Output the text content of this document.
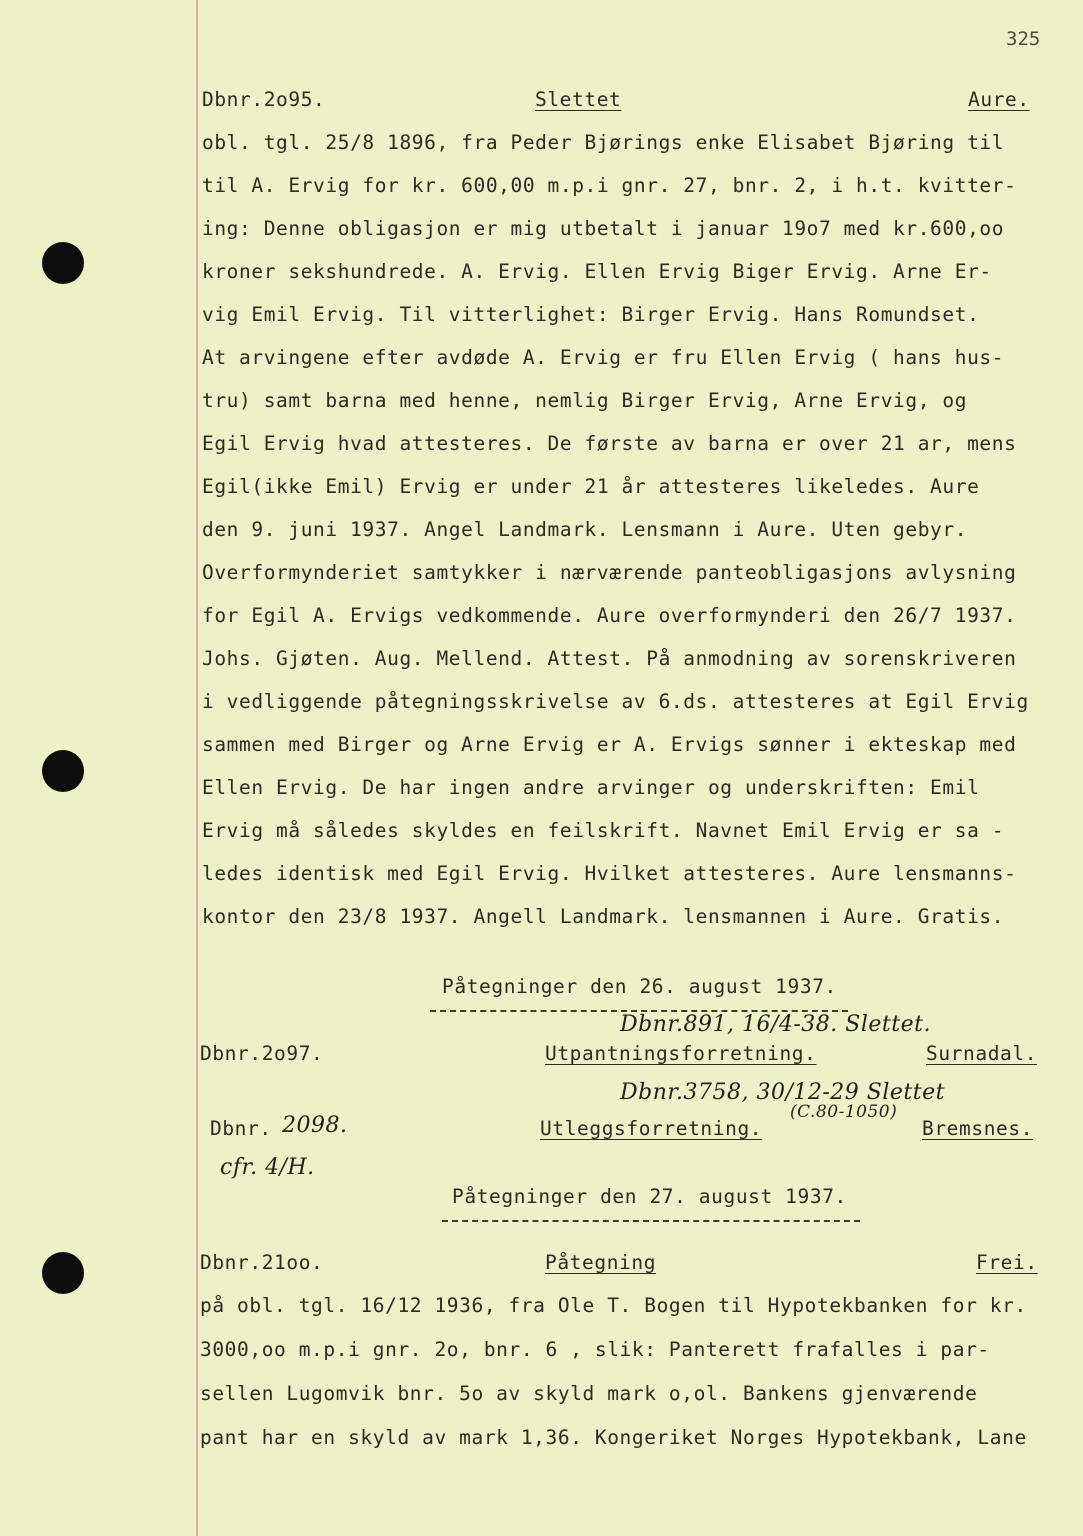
325
Dbnr.2o95.	Slettet	Aure.
obl. tgl. 25/8 1896, fra Peder Bjørings enke Elisabet Bjøring til
til A. Ervig for kr. 600,00 m.p.i gnr. 27, bnr. 2, i h.t. kvitter-
ing: Denne obligasjon er mig utbetalt i januar 19o7 med kr.600,oo
kroner sekshundrede. A. Ervig. Ellen Ervig Biger Ervig. Arne Er-
vig Emil Ervig. Til vitterlighet: Birger Ervig. Hans Romundset.
At arvingene efter avdøde A. Ervig er fru Ellen Ervig ( hans hus-
tru) samt barna med henne, nemlig Birger Ervig, Arne Ervig, og
Egil Ervig hvad attesteres. De første av barna er over 21 ar, mens
Egil(ikke Emil) Ervig er under 21 år attesteres likeledes. Aure
den 9. juni 1937. Angel Landmark. Lensmann i Aure. Uten gebyr.
Overformynderiet samtykker i nærværende panteobligasjons avlysning
for Egil A. Ervigs vedkommende. Aure overformynderi den 26/7 1937.
Johs. Gjøten. Aug. Mellend. Attest. På anmodning av sorenskriveren
i vedliggende påtegningsskrivelse av 6.ds. attesteres at Egil Ervig
sammen med Birger og Arne Ervig er A. Ervigs sønner i ekteskap med
Ellen Ervig. De har ingen andre arvinger og underskriften: Emil
Ervig må således skyldes en feilskrift. Navnet Emil Ervig er sa -
ledes identisk med Egil Ervig. Hvilket attesteres. Aure lensmanns-
kontor den 23/8 1937. Angell Landmark. lensmannen i Aure. Gratis.
Påtegninger den 26. august 1937.
Dbnr.891, 16/4-38. Slettet.
Dbnr.2o97.	Utpantningsforretning.	Surnadal.
Dbnr.3758, 30/12-29 Slettet
(C.80-1050)
Dbnr. 2098.	Utleggsforretning.	Bremsnes.
cfr. 4/H.
Påtegninger den 27. august 1937.
Dbnr.21oo.	Påtegning	Frei.
på obl. tgl. 16/12 1936, fra Ole T. Bogen til Hypotekbanken for kr.
3000,oo m.p.i gnr. 2o, bnr. 6 , slik: Panterett frafalles i par-
sellen Lugomvik bnr. 5o av skyld mark o,ol. Bankens gjenværende
pant har en skyld av mark 1,36. Kongeriket Norges Hypotekbank, Lane
